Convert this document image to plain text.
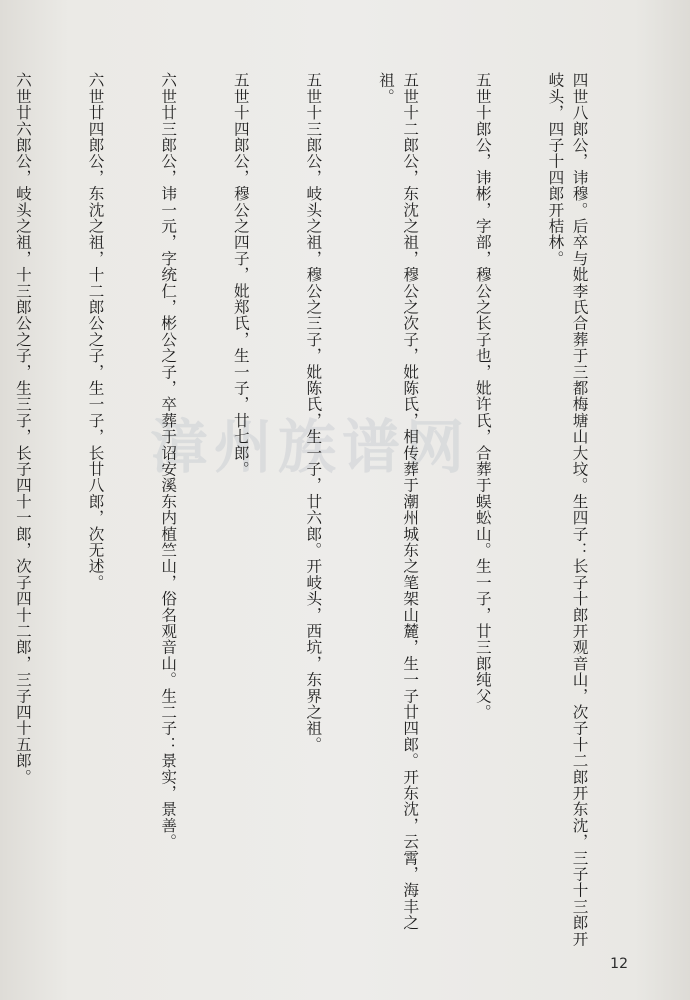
漳州族谱网

	四世八郎公，讳穆。后卒与妣李氏合葬于三都梅塘山大坟。生四子：长子十郎开观音山，次子十二郎开东沈，三子十三郎开岐头，四子十四郎开桔林。

五世十郎公，讳彬，字部，穆公之长子也，妣许氏，合葬于蜈蚣山。生一子，廿三郎纯父。

五世十二郎公，东沈之祖，穆公之次子，妣陈氏，相传葬于潮州城东之笔架山麓，生一子廿四郎。开东沈，云霄，海丰之祖。

五世十三郎公，岐头之祖，穆公之三子，妣陈氏，生一子，廿六郎。开岐头，西坑，东界之祖。

五世十四郎公，穆公之四子，妣郑氏，生一子，廿七郎。

六世廿三郎公，讳一元，字统仁，彬公之子，卒葬于诏安溪东内植竺山，俗名观音山。生二子：景实，景善。

六世廿四郎公，东沈之祖，十二郎公之子，生一子，长廿八郎，次无述。

六世廿六郎公，岐头之祖，十三郎公之子，生三子，长子四十一郎，次子四十二郎，三子四十五郎。

12
